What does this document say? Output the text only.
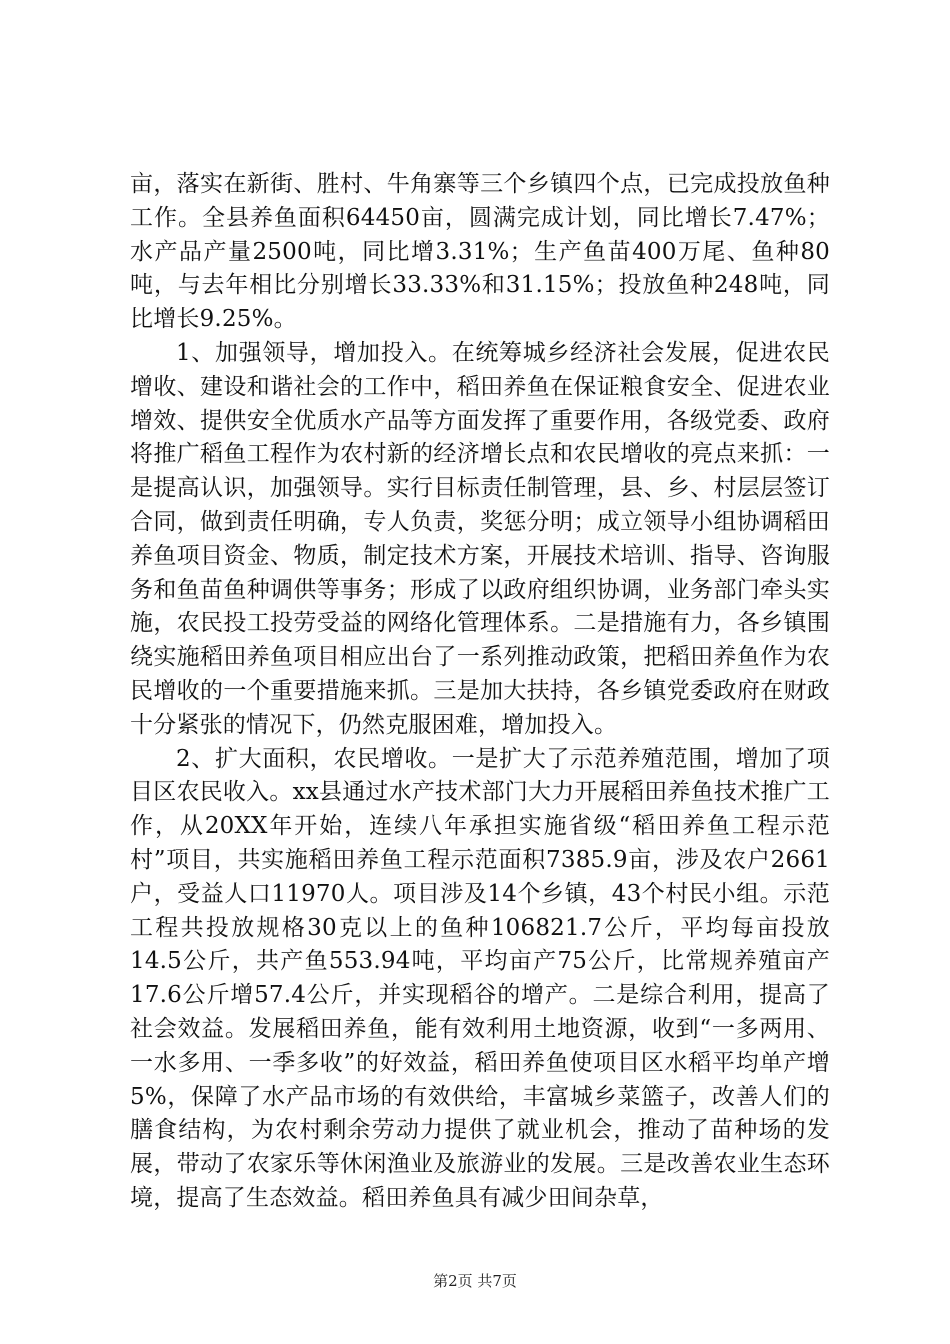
亩，落实在新街、胜村、牛角寨等三个乡镇四个点，已完成投放鱼种工作。全县养鱼面积64450亩，圆满完成计划，同比增长7.47%；水产品产量2500吨，同比增3.31%；生产鱼苗400万尾、鱼种80吨，与去年相比分别增长33.33%和31.15%；投放鱼种248吨，同比增长9.25%。

1、加强领导，增加投入。在统筹城乡经济社会发展，促进农民增收、建设和谐社会的工作中，稻田养鱼在保证粮食安全、促进农业增效、提供安全优质水产品等方面发挥了重要作用，各级党委、政府将推广稻鱼工程作为农村新的经济增长点和农民增收的亮点来抓：一是提高认识，加强领导。实行目标责任制管理，县、乡、村层层签订合同，做到责任明确，专人负责，奖惩分明；成立领导小组协调稻田养鱼项目资金、物质，制定技术方案，开展技术培训、指导、咨询服务和鱼苗鱼种调供等事务；形成了以政府组织协调，业务部门牵头实施，农民投工投劳受益的网络化管理体系。二是措施有力，各乡镇围绕实施稻田养鱼项目相应出台了一系列推动政策，把稻田养鱼作为农民增收的一个重要措施来抓。三是加大扶持，各乡镇党委政府在财政十分紧张的情况下，仍然克服困难，增加投入。

2、扩大面积，农民增收。一是扩大了示范养殖范围，增加了项目区农民收入。xx县通过水产技术部门大力开展稻田养鱼技术推广工作，从20XX年开始，连续八年承担实施省级“稻田养鱼工程示范村”项目，共实施稻田养鱼工程示范面积7385.9亩，涉及农户2661户，受益人口11970人。项目涉及14个乡镇，43个村民小组。示范工程共投放规格30克以上的鱼种106821.7公斤，平均每亩投放14.5公斤，共产鱼553.94吨，平均亩产75公斤，比常规养殖亩产17.6公斤增57.4公斤，并实现稻谷的增产。二是综合利用，提高了社会效益。发展稻田养鱼，能有效利用土地资源，收到“一多两用、一水多用、一季多收”的好效益，稻田养鱼使项目区水稻平均单产增5%，保障了水产品市场的有效供给，丰富城乡菜篮子，改善人们的膳食结构，为农村剩余劳动力提供了就业机会，推动了苗种场的发展，带动了农家乐等休闲渔业及旅游业的发展。三是改善农业生态环境，提高了生态效益。稻田养鱼具有减少田间杂草，

第2页 共7页
